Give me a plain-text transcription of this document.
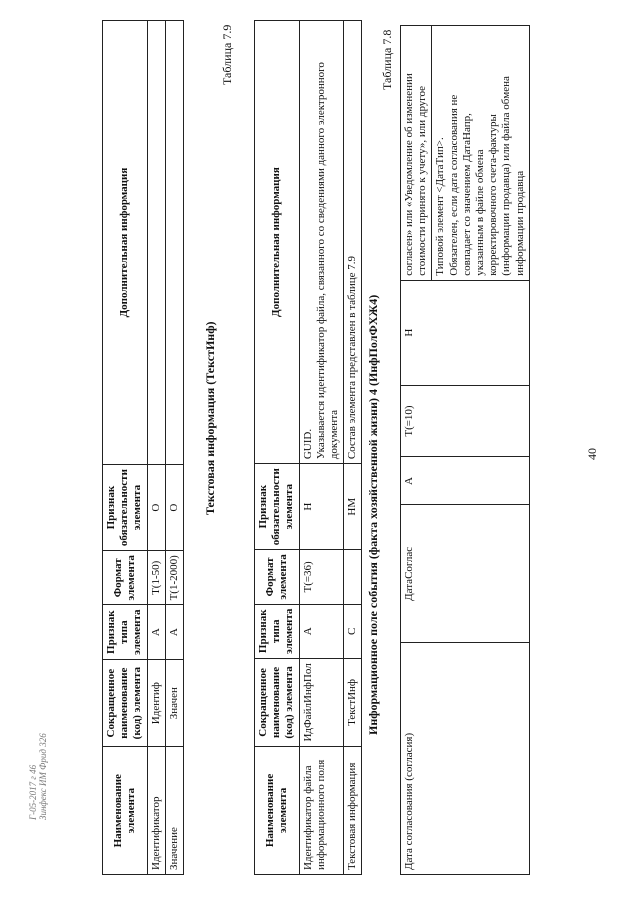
40
Дата согласования (согласия)	ДатаСоглас	А	T(=10)	Н	
согласен» или «Уведомление об изменении стоимости принято к учету», или другое Типовой элемент <ДатаТип>. Обязателен, если дата согласования не совпадает со значением ДатаНапр, указанным в файле обмена корректировочного счета-фактуры (информации продавца) или файла обмена информации продавца
Таблица 7.8
Информационное поле события (факта хозяйственной жизни) 4 (ИнфПолФХЖ4)
Наименование элемента	Сокращенное наименование (код) элемента	Признак типа элемента	Формат элемента	Признак обязательности элемента	Дополнительная информация
Идентификатор файла информационного поля	ИдФайлИнфПол	А	T(=36)	Н	GUID.
Указывается идентификатор файла, связанного со сведениями данного электронного документа
Текстовая информация	ТекстИнф	С		НМ	Состав элемента представлен в таблице 7.9
Таблица 7.9
Текстовая информация (ТекстИнф)
Наименование элемента	Сокращенное наименование (код) элемента	Признак типа элемента	Формат элемента	Признак обязательности элемента	Дополнительная информация
Идентификатор	Идентиф	А	T(1-50)	О	
Значение	Значен	А	T(1-2000)	О	
Г-05-2017 г 46 Зинфекс ИМ Фрид 326
